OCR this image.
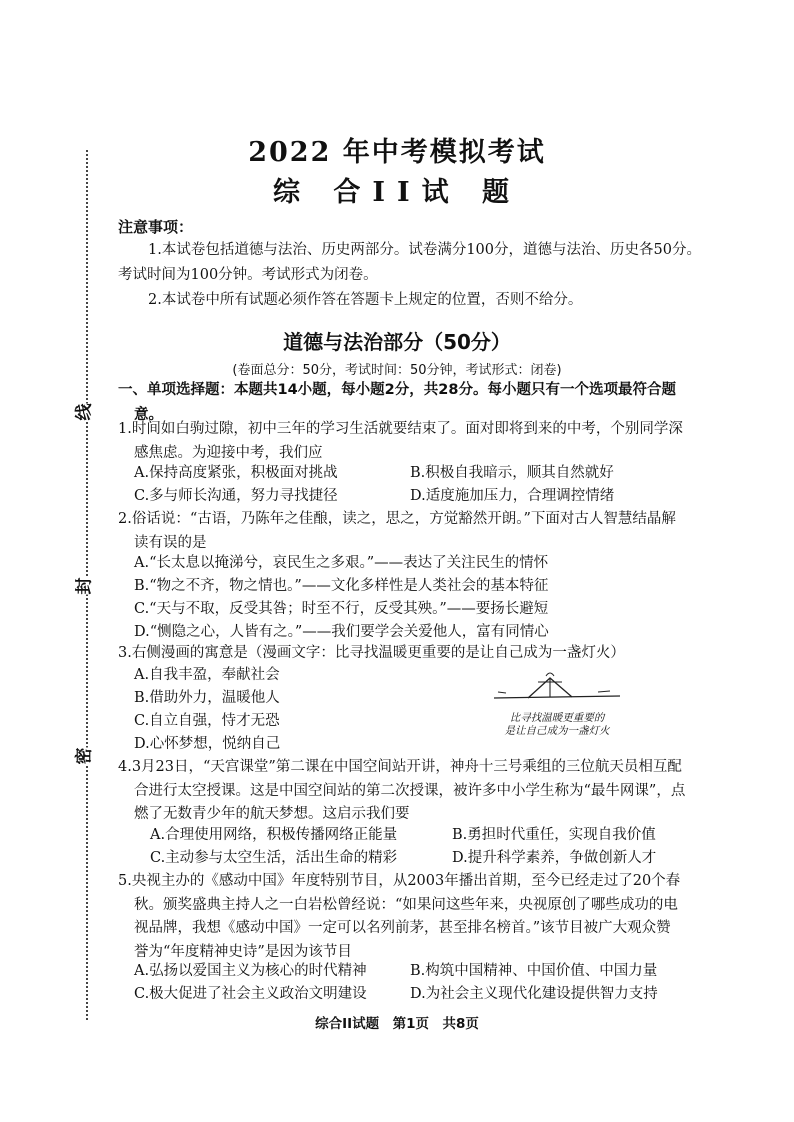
线
封
密
2022 年中考模拟考试
综 合II试 题
注意事项：
1.本试卷包括道德与法治、历史两部分。试卷满分100分，道德与法治、历史各50分。
考试时间为100分钟。考试形式为闭卷。
2.本试卷中所有试题必须作答在答题卡上规定的位置，否则不给分。
道德与法治部分（50分）
(卷面总分：50分，考试时间：50分钟，考试形式：闭卷)
一、单项选择题：本题共14小题，每小题2分，共28分。每小题只有一个选项最符合题
意。
1.时间如白驹过隙，初中三年的学习生活就要结束了。面对即将到来的中考，个别同学深
感焦虑。为迎接中考，我们应
A.保持高度紧张，积极面对挑战	B.积极自我暗示，顺其自然就好
C.多与师长沟通，努力寻找捷径	D.适度施加压力，合理调控情绪
2.俗话说：“古语，乃陈年之佳酿，读之，思之，方觉豁然开朗。”下面对古人智慧结晶解
读有误的是
A.“长太息以掩涕兮，哀民生之多艰。”——表达了关注民生的情怀
B.“物之不齐，物之情也。”——文化多样性是人类社会的基本特征
C.“天与不取，反受其咎；时至不行，反受其殃。”——要扬长避短
D.“恻隐之心，人皆有之。”——我们要学会关爱他人，富有同情心
3.右侧漫画的寓意是（漫画文字：比寻找温暖更重要的是让自己成为一盏灯火）
A.自我丰盈，奉献社会
B.借助外力，温暖他人
C.自立自强，恃才无恐
D.心怀梦想，悦纳自己
比寻找温暖更重要的
是让自己成为一盏灯火
4.3月23日，“天宫课堂”第二课在中国空间站开讲，神舟十三号乘组的三位航天员相互配
合进行太空授课。这是中国空间站的第二次授课，被许多中小学生称为“最牛网课”，点
燃了无数青少年的航天梦想。这启示我们要
A.合理使用网络，积极传播网络正能量	B.勇担时代重任，实现自我价值
C.主动参与太空生活，活出生命的精彩	D.提升科学素养，争做创新人才
5.央视主办的《感动中国》年度特别节目，从2003年播出首期，至今已经走过了20个春
秋。颁奖盛典主持人之一白岩松曾经说：“如果问这些年来，央视原创了哪些成功的电
视品牌，我想《感动中国》一定可以名列前茅，甚至排名榜首。”该节目被广大观众赞
誉为“年度精神史诗”是因为该节目
A.弘扬以爱国主义为核心的时代精神	B.构筑中国精神、中国价值、中国力量
C.极大促进了社会主义政治文明建设	D.为社会主义现代化建设提供智力支持
综合II试题　第1页　共8页
